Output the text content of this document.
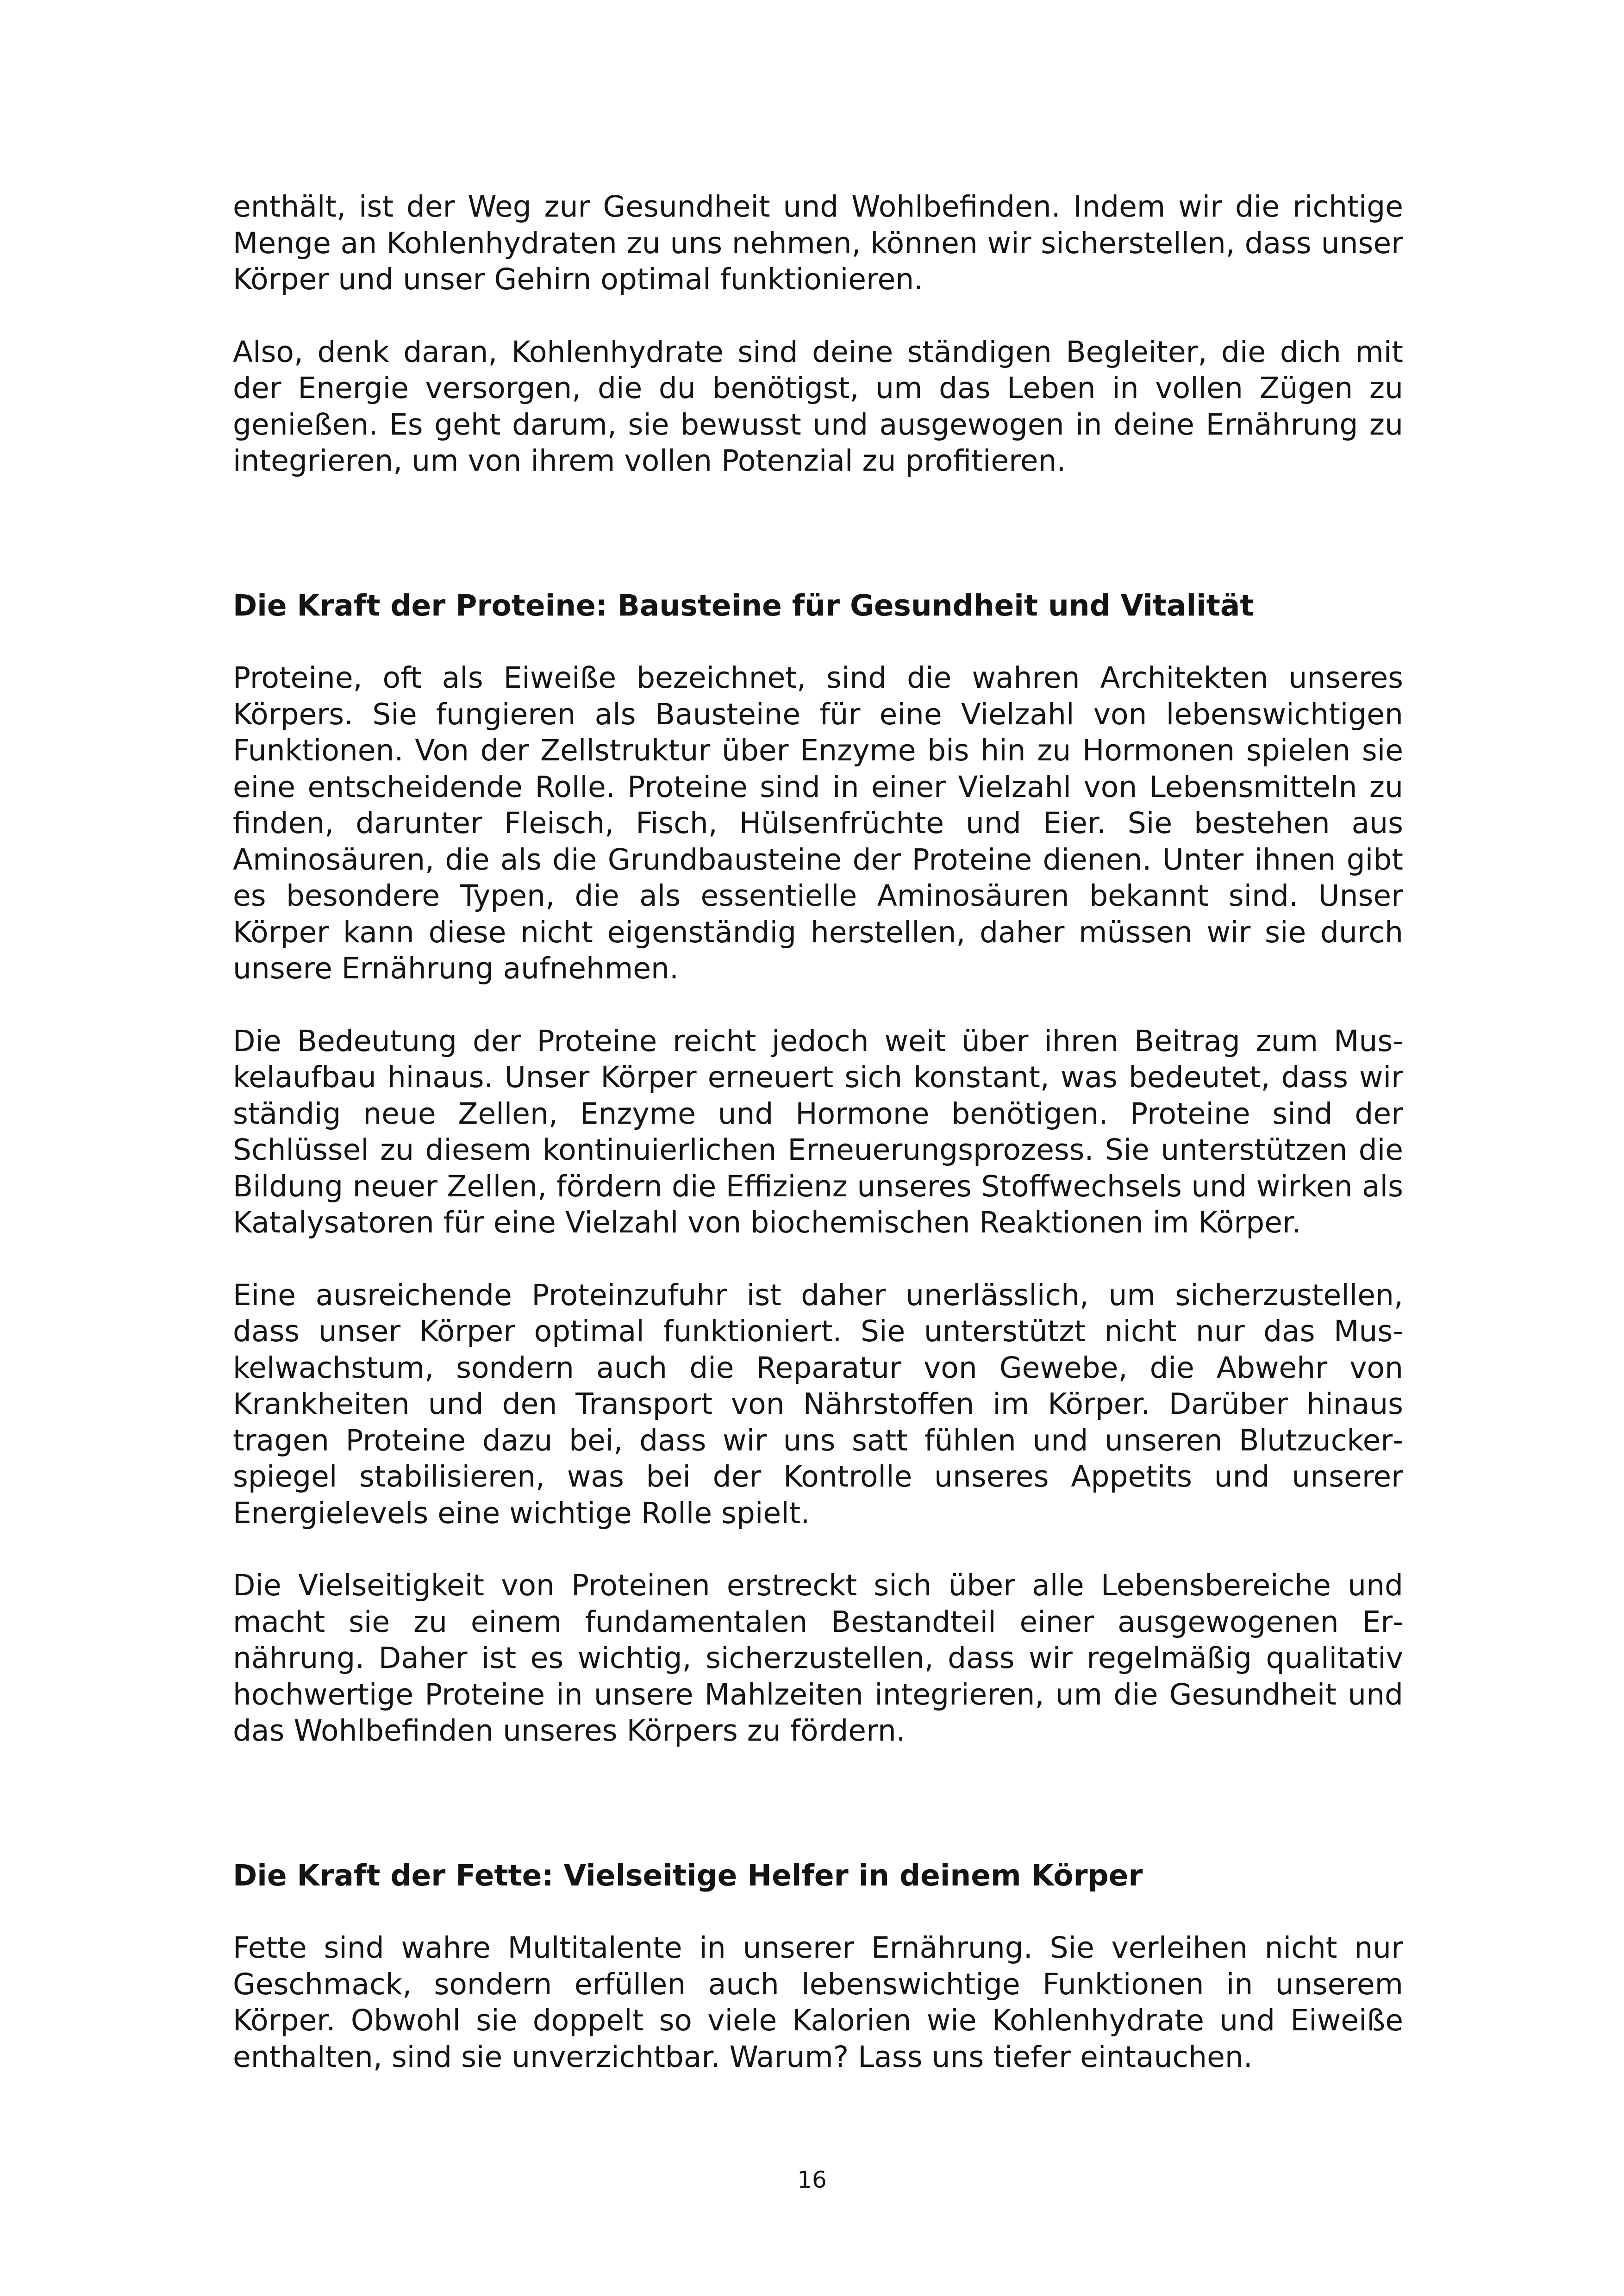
enthält, ist der Weg zur Gesundheit und Wohlbefinden. Indem wir die richtige Menge an Kohlenhydraten zu uns nehmen, können wir sicherstellen, dass unser Körper und unser Gehirn optimal funktionieren.

Also, denk daran, Kohlenhydrate sind deine ständigen Begleiter, die dich mit der Energie versorgen, die du benötigst, um das Leben in vollen Zügen zu genießen. Es geht darum, sie bewusst und ausgewogen in deine Ernährung zu integrieren, um von ihrem vollen Potenzial zu profitieren.

Die Kraft der Proteine: Bausteine für Gesundheit und Vitalität

Proteine, oft als Eiweiße bezeichnet, sind die wahren Architekten unseres Körpers. Sie fungieren als Bausteine für eine Vielzahl von lebenswichtigen Funktionen. Von der Zellstruktur über Enzyme bis hin zu Hormonen spielen sie eine entscheidende Rolle. Proteine sind in einer Vielzahl von Lebensmitteln zu finden, darunter Fleisch, Fisch, Hülsenfrüchte und Eier. Sie bestehen aus Aminosäuren, die als die Grundbausteine der Proteine dienen. Unter ihnen gibt es besondere Typen, die als essentielle Aminosäuren bekannt sind. Unser Körper kann diese nicht eigenständig herstellen, daher müssen wir sie durch unsere Ernährung aufnehmen.

Die Bedeutung der Proteine reicht jedoch weit über ihren Beitrag zum Muskelaufbau hinaus. Unser Körper erneuert sich konstant, was bedeutet, dass wir ständig neue Zellen, Enzyme und Hormone benötigen. Proteine sind der Schlüssel zu diesem kontinuierlichen Erneuerungsprozess. Sie unterstützen die Bildung neuer Zellen, fördern die Effizienz unseres Stoffwechsels und wirken als Katalysatoren für eine Vielzahl von biochemischen Reaktionen im Körper.

Eine ausreichende Proteinzufuhr ist daher unerlässlich, um sicherzustellen, dass unser Körper optimal funktioniert. Sie unterstützt nicht nur das Muskelwachstum, sondern auch die Reparatur von Gewebe, die Abwehr von Krankheiten und den Transport von Nährstoffen im Körper. Darüber hinaus tragen Proteine dazu bei, dass wir uns satt fühlen und unseren Blutzuckerspiegel stabilisieren, was bei der Kontrolle unseres Appetits und unserer Energielevels eine wichtige Rolle spielt.

Die Vielseitigkeit von Proteinen erstreckt sich über alle Lebensbereiche und macht sie zu einem fundamentalen Bestandteil einer ausgewogenen Ernährung. Daher ist es wichtig, sicherzustellen, dass wir regelmäßig qualitativ hochwertige Proteine in unsere Mahlzeiten integrieren, um die Gesundheit und das Wohlbefinden unseres Körpers zu fördern.

Die Kraft der Fette: Vielseitige Helfer in deinem Körper

Fette sind wahre Multitalente in unserer Ernährung. Sie verleihen nicht nur Geschmack, sondern erfüllen auch lebenswichtige Funktionen in unserem Körper. Obwohl sie doppelt so viele Kalorien wie Kohlenhydrate und Eiweiße enthalten, sind sie unverzichtbar. Warum? Lass uns tiefer eintauchen.

16
